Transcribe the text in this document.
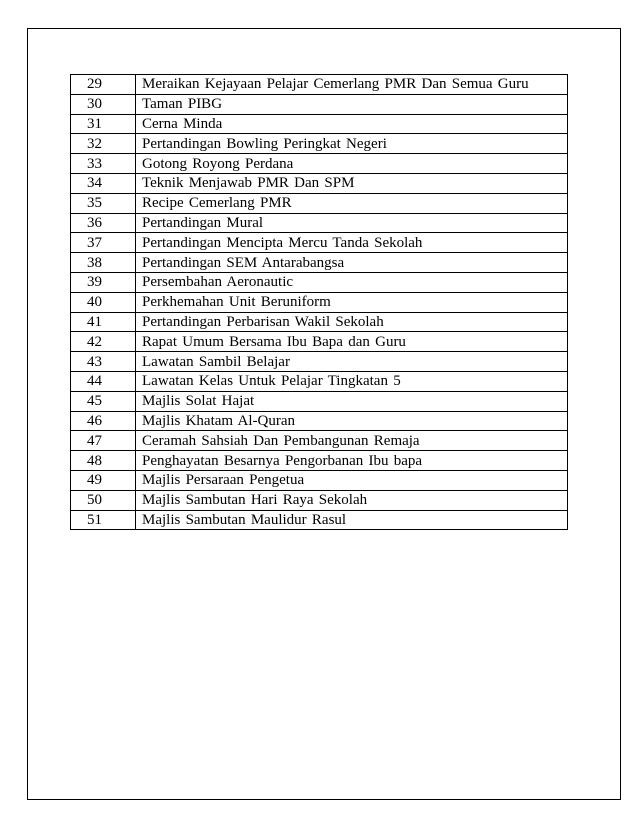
29	Meraikan Kejayaan Pelajar Cemerlang PMR Dan Semua Guru
30	Taman PIBG
31	Cerna Minda
32	Pertandingan Bowling Peringkat Negeri
33	Gotong Royong Perdana
34	Teknik Menjawab PMR Dan SPM
35	Recipe Cemerlang PMR
36	Pertandingan Mural
37	Pertandingan Mencipta Mercu Tanda Sekolah
38	Pertandingan SEM Antarabangsa
39	Persembahan Aeronautic
40	Perkhemahan Unit Beruniform
41	Pertandingan Perbarisan Wakil Sekolah
42	Rapat Umum Bersama Ibu Bapa dan Guru
43	Lawatan Sambil Belajar
44	Lawatan Kelas Untuk Pelajar Tingkatan 5
45	Majlis Solat Hajat
46	Majlis Khatam Al-Quran
47	Ceramah Sahsiah Dan Pembangunan Remaja
48	Penghayatan Besarnya Pengorbanan Ibu bapa
49	Majlis Persaraan Pengetua
50	Majlis Sambutan Hari Raya Sekolah
51	Majlis Sambutan Maulidur Rasul
